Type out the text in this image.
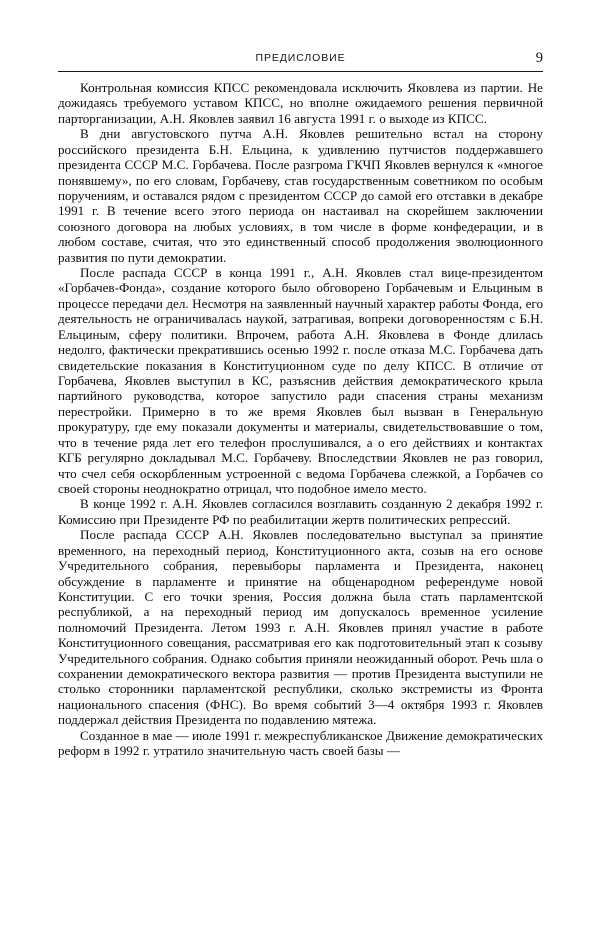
ПРЕДИСЛОВИЕ	9

Контрольная комиссия КПСС рекомендовала исключить Яковлева из партии. Не дожидаясь требуемого уставом КПСС, но вполне ожидаемого решения первичной парторганизации, А.Н. Яковлев заявил 16 августа 1991 г. о выходе из КПСС.

В дни августовского путча А.Н. Яковлев решительно встал на сторону российского президента Б.Н. Ельцина, к удивлению путчистов поддержавшего президента СССР М.С. Горбачева. После разгрома ГКЧП Яковлев вернулся к «многое понявшему», по его словам, Горбачеву, став государственным советником по особым поручениям, и оставался рядом с президентом СССР до самой его отставки в декабре 1991 г. В течение всего этого периода он настаивал на скорейшем заключении союзного договора на любых условиях, в том числе в форме конфедерации, и в любом составе, считая, что это единственный способ продолжения эволюционного развития по пути демократии.

После распада СССР в конца 1991 г., А.Н. Яковлев стал вице-президентом «Горбачев-Фонда», создание которого было обговорено Горбачевым и Ельциным в процессе передачи дел. Несмотря на заявленный научный характер работы Фонда, его деятельность не ограничивалась наукой, затрагивая, вопреки договоренностям с Б.Н. Ельциным, сферу политики. Впрочем, работа А.Н. Яковлева в Фонде длилась недолго, фактически прекратившись осенью 1992 г. после отказа М.С. Горбачева дать свидетельские показания в Конституционном суде по делу КПСС. В отличие от Горбачева, Яковлев выступил в КС, разъяснив действия демократического крыла партийного руководства, которое запустило ради спасения страны механизм перестройки. Примерно в то же время Яковлев был вызван в Генеральную прокуратуру, где ему показали документы и материалы, свидетельствовавшие о том, что в течение ряда лет его телефон прослушивался, а о его действиях и контактах КГБ регулярно докладывал М.С. Горбачеву. Впоследствии Яковлев не раз говорил, что счел себя оскорбленным устроенной с ведома Горбачева слежкой, а Горбачев со своей стороны неоднократно отрицал, что подобное имело место.

В конце 1992 г. А.Н. Яковлев согласился возглавить созданную 2 декабря 1992 г. Комиссию при Президенте РФ по реабилитации жертв политических репрессий.

После распада СССР А.Н. Яковлев последовательно выступал за принятие временного, на переходный период, Конституционного акта, созыв на его основе Учредительного собрания, перевыборы парламента и Президента, наконец обсуждение в парламенте и принятие на общенародном референдуме новой Конституции. С его точки зрения, Россия должна была стать парламентской республикой, а на переходный период им допускалось временное усиление полномочий Президента. Летом 1993 г. А.Н. Яковлев принял участие в работе Конституционного совещания, рассматривая его как подготовительный этап к созыву Учредительного собрания. Однако события приняли неожиданный оборот. Речь шла о сохранении демократического вектора развития — против Президента выступили не столько сторонники парламентской республики, сколько экстремисты из Фронта национального спасения (ФНС). Во время событий 3—4 октября 1993 г. Яковлев поддержал действия Президента по подавлению мятежа.

Созданное в мае — июле 1991 г. межреспубликанское Движение демократических реформ в 1992 г. утратило значительную часть своей базы —
